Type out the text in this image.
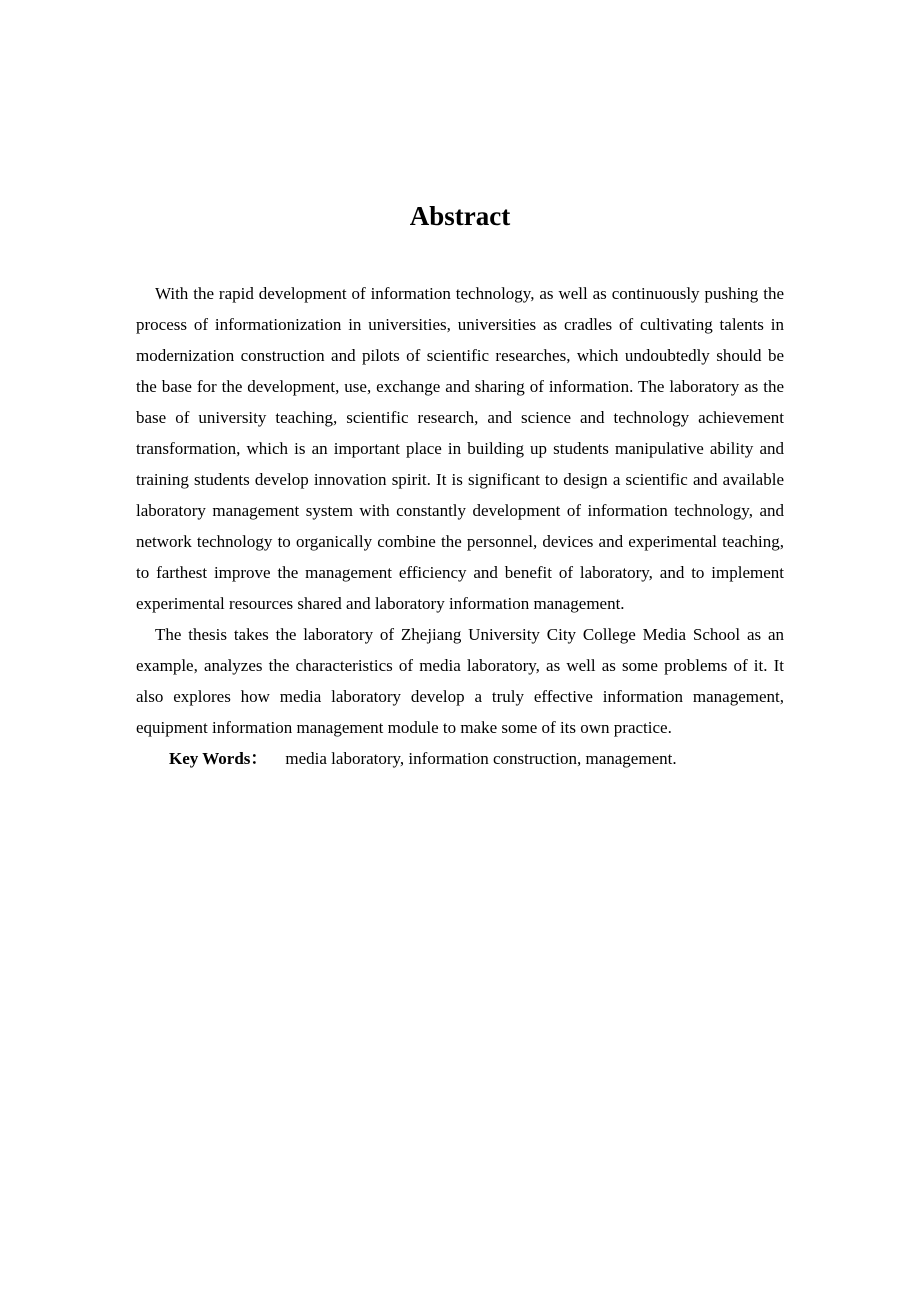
Abstract

With the rapid development of information technology, as well as continuously pushing the process of informationization in universities, universities as cradles of cultivating talents in modernization construction and pilots of scientific researches, which undoubtedly should be the base for the development, use, exchange and sharing of information. The laboratory as the base of university teaching, scientific research, and science and technology achievement transformation, which is an important place in building up students manipulative ability and training students develop innovation spirit. It is significant to design a scientific and available laboratory management system with constantly development of information technology, and network technology to organically combine the personnel, devices and experimental teaching, to farthest improve the management efficiency and benefit of laboratory, and to implement experimental resources shared and laboratory information management.

The thesis takes the laboratory of Zhejiang University City College Media School as an example, analyzes the characteristics of media laboratory, as well as some problems of it. It also explores how media laboratory develop a truly effective information management, equipment information management module to make some of its own practice.

Key Words： media laboratory, information construction, management.
